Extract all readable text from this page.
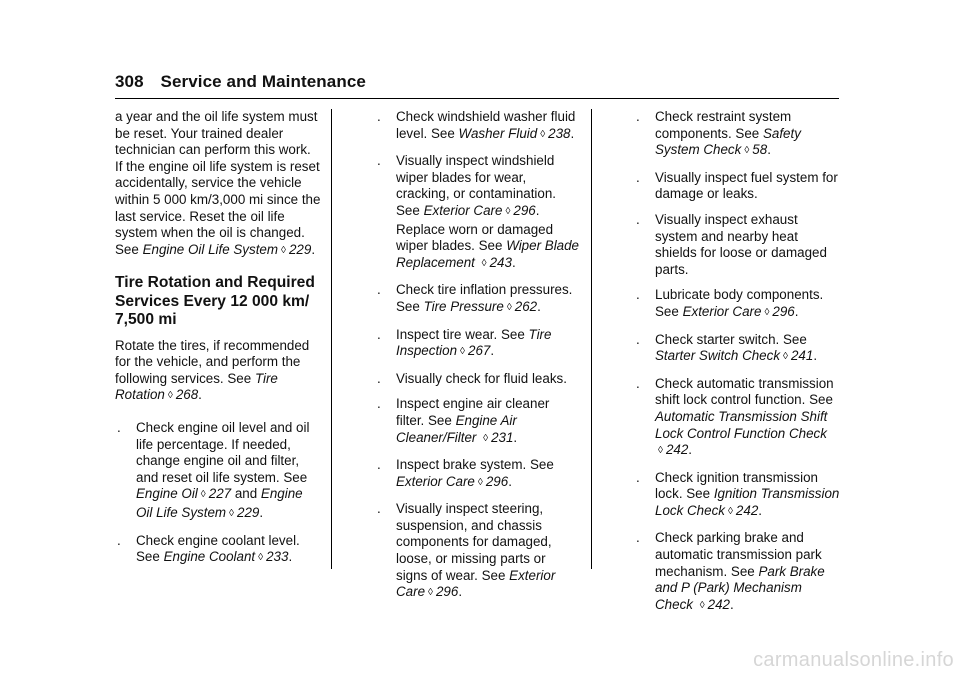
308 Service and Maintenance

a year and the oil life system must be reset. Your trained dealer technician can perform this work. If the engine oil life system is reset accidentally, service the vehicle within 5 000 km/3,000 mi since the last service. Reset the oil life system when the oil is changed. See Engine Oil Life System ◊ 229.

Tire Rotation and Required Services Every 12 000 km/ 7,500 mi

Rotate the tires, if recommended for the vehicle, and perform the following services. See Tire Rotation ◊ 268.

. Check engine oil level and oil life percentage. If needed, change engine oil and filter, and reset oil life system. See Engine Oil ◊ 227 and Engine Oil Life System ◊ 229.
. Check engine coolant level. See Engine Coolant ◊ 233.
. Check windshield washer fluid level. See Washer Fluid ◊ 238.
. Visually inspect windshield wiper blades for wear, cracking, or contamination. See Exterior Care ◊ 296. Replace worn or damaged wiper blades. See Wiper Blade Replacement ◊ 243.
. Check tire inflation pressures. See Tire Pressure ◊ 262.
. Inspect tire wear. See Tire Inspection ◊ 267.
. Visually check for fluid leaks.
. Inspect engine air cleaner filter. See Engine Air Cleaner/Filter ◊ 231.
. Inspect brake system. See Exterior Care ◊ 296.
. Visually inspect steering, suspension, and chassis components for damaged, loose, or missing parts or signs of wear. See Exterior Care ◊ 296.
. Check restraint system components. See Safety System Check ◊ 58.
. Visually inspect fuel system for damage or leaks.
. Visually inspect exhaust system and nearby heat shields for loose or damaged parts.
. Lubricate body components. See Exterior Care ◊ 296.
. Check starter switch. See Starter Switch Check ◊ 241.
. Check automatic transmission shift lock control function. See Automatic Transmission Shift Lock Control Function Check ◊ 242.
. Check ignition transmission lock. See Ignition Transmission Lock Check ◊ 242.
. Check parking brake and automatic transmission park mechanism. See Park Brake and P (Park) Mechanism Check ◊ 242.
carmanualsonline.info
